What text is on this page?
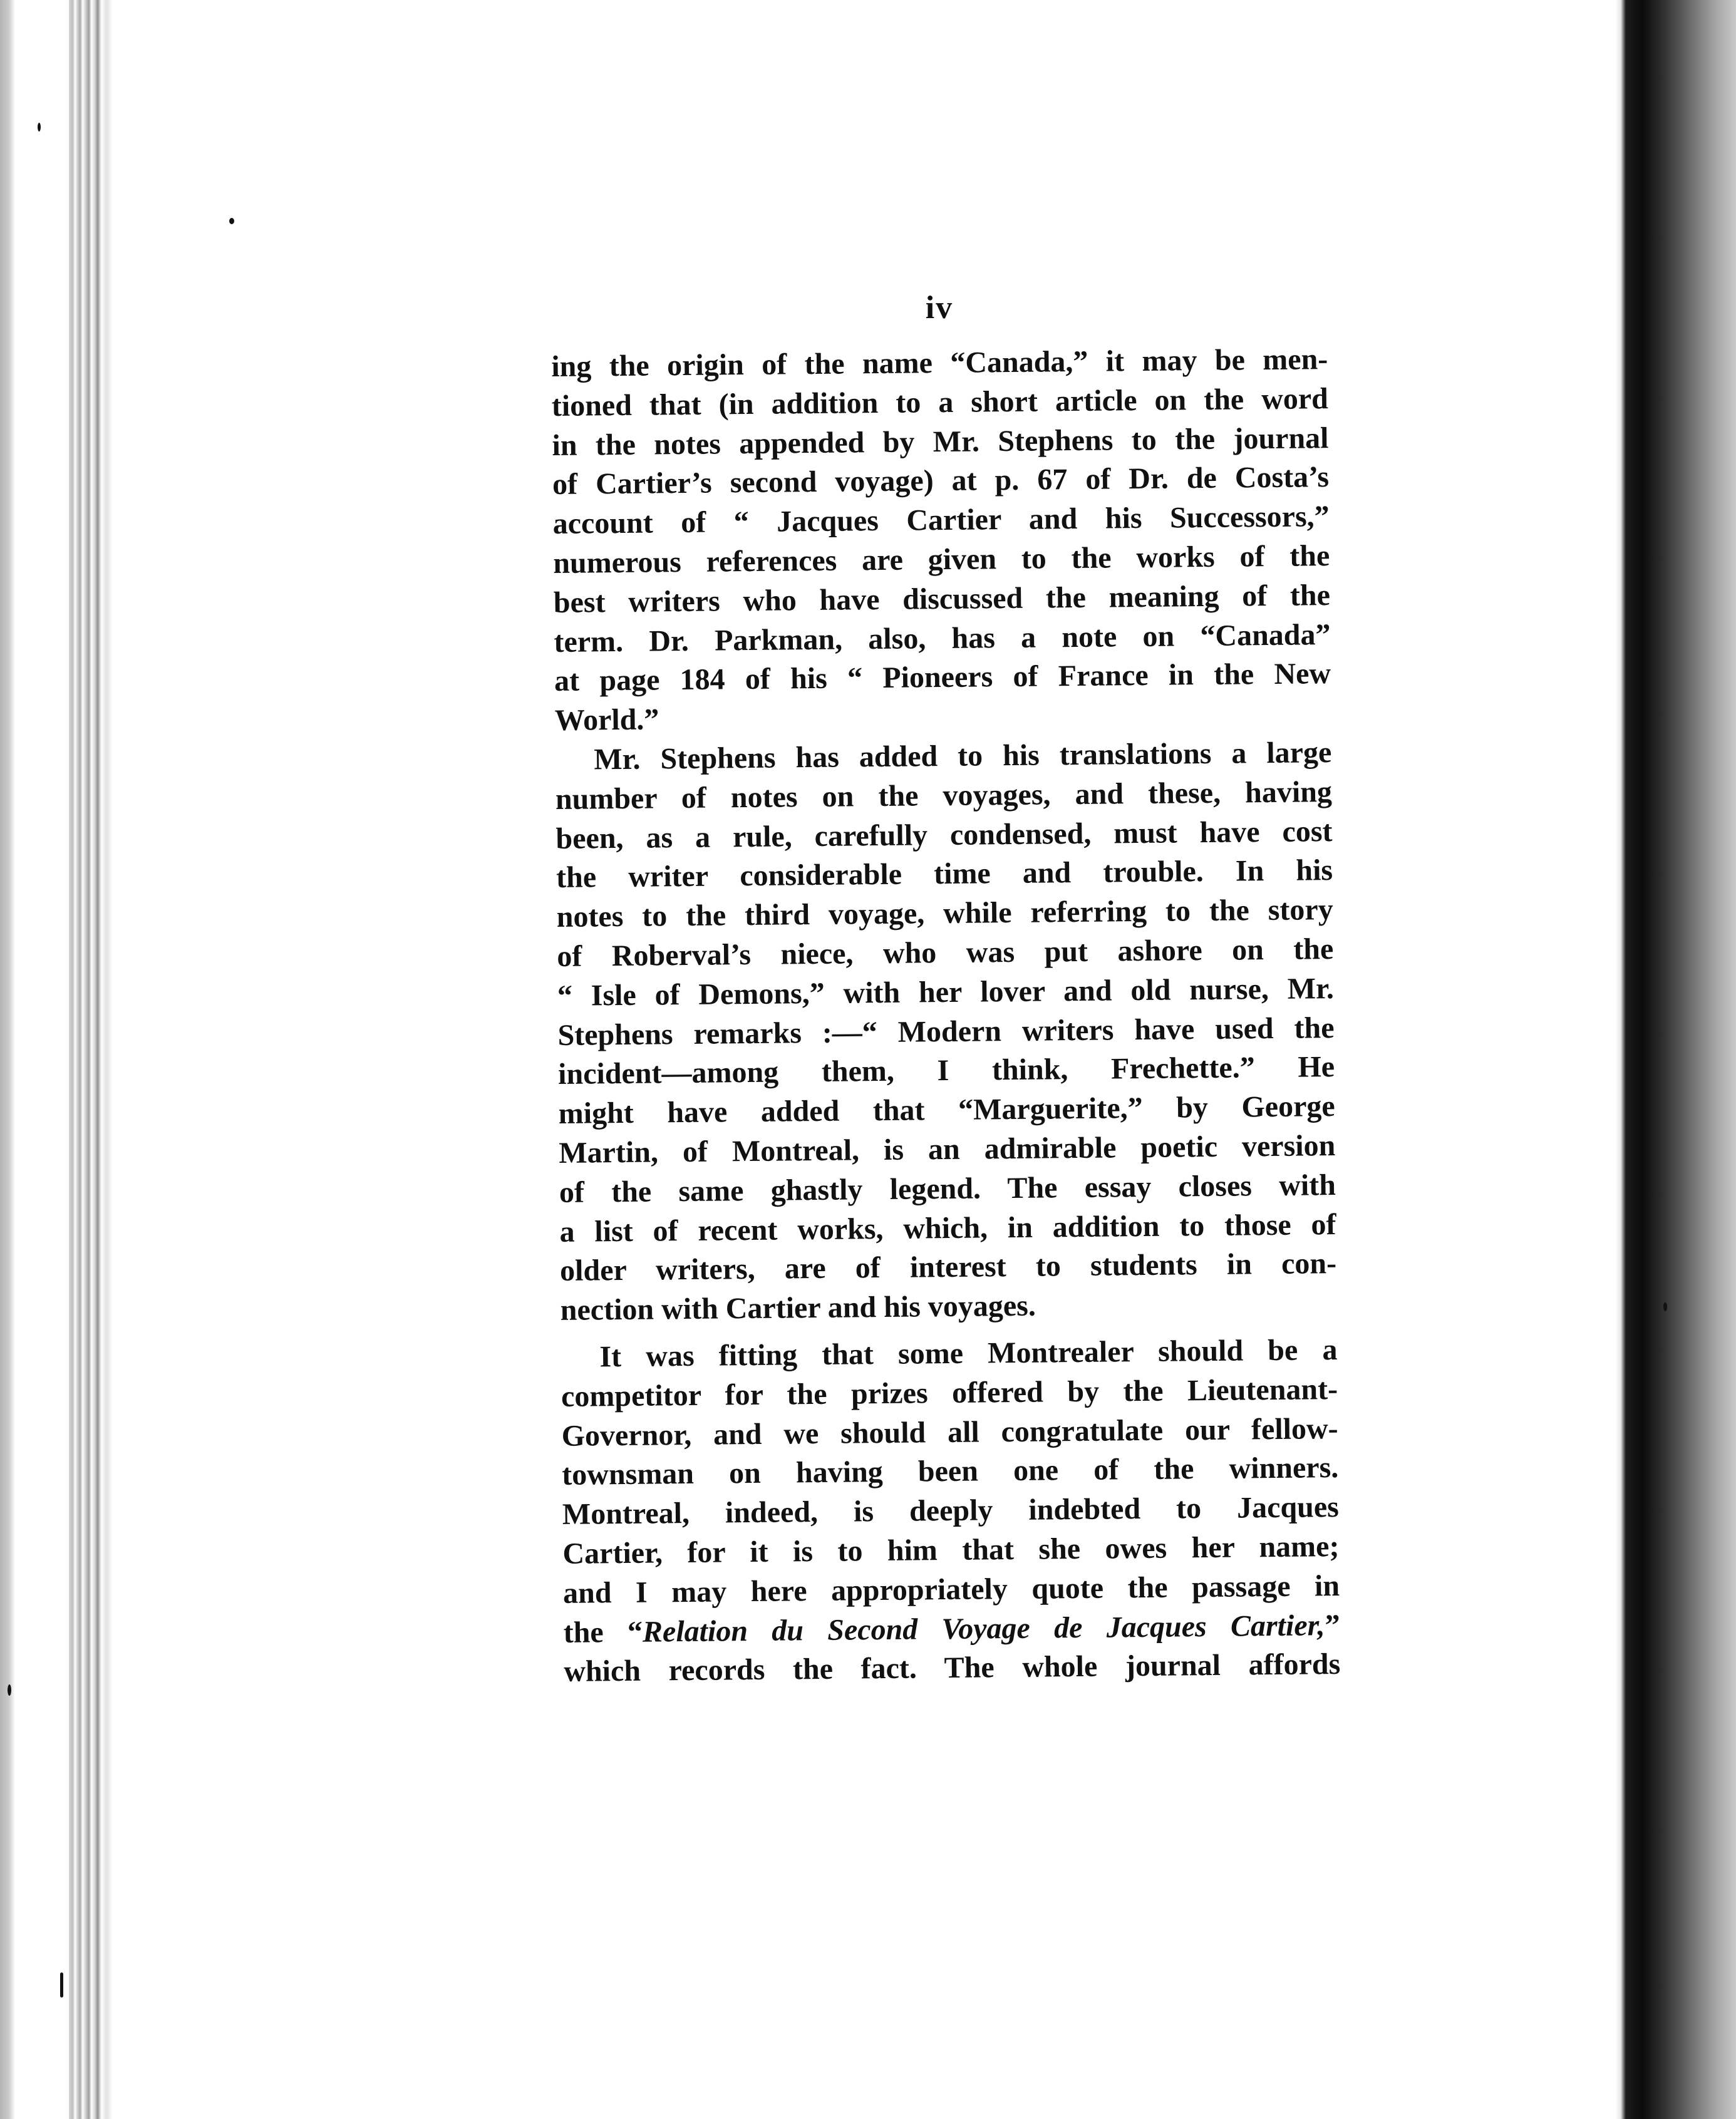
iv
ing the origin of the name “Canada,” it may be men-
tioned that (in addition to a short article on the word
in the notes appended by Mr. Stephens to the journal
of Cartier’s second voyage) at p. 67 of Dr. de Costa’s
account of “ Jacques Cartier and his Successors,”
numerous references are given to the works of the
best writers who have discussed the meaning of the
term. Dr. Parkman, also, has a note on “Canada”
at page 184 of his “ Pioneers of France in the New
World.”
Mr. Stephens has added to his translations a large
number of notes on the voyages, and these, having
been, as a rule, carefully condensed, must have cost
the writer considerable time and trouble. In his
notes to the third voyage, while referring to the story
of Roberval’s niece, who was put ashore on the
“ Isle of Demons,” with her lover and old nurse, Mr.
Stephens remarks :—“ Modern writers have used the
incident—among them, I think, Frechette.” He
might have added that “Marguerite,” by George
Martin, of Montreal, is an admirable poetic version
of the same ghastly legend. The essay closes with
a list of recent works, which, in addition to those of
older writers, are of interest to students in con-
nection with Cartier and his voyages.
It was fitting that some Montrealer should be a
competitor for the prizes offered by the Lieutenant-
Governor, and we should all congratulate our fellow-
townsman on having been one of the winners.
Montreal, indeed, is deeply indebted to Jacques
Cartier, for it is to him that she owes her name;
and I may here appropriately quote the passage in
the “Relation du Second Voyage de Jacques Cartier,”
which records the fact. The whole journal affords
